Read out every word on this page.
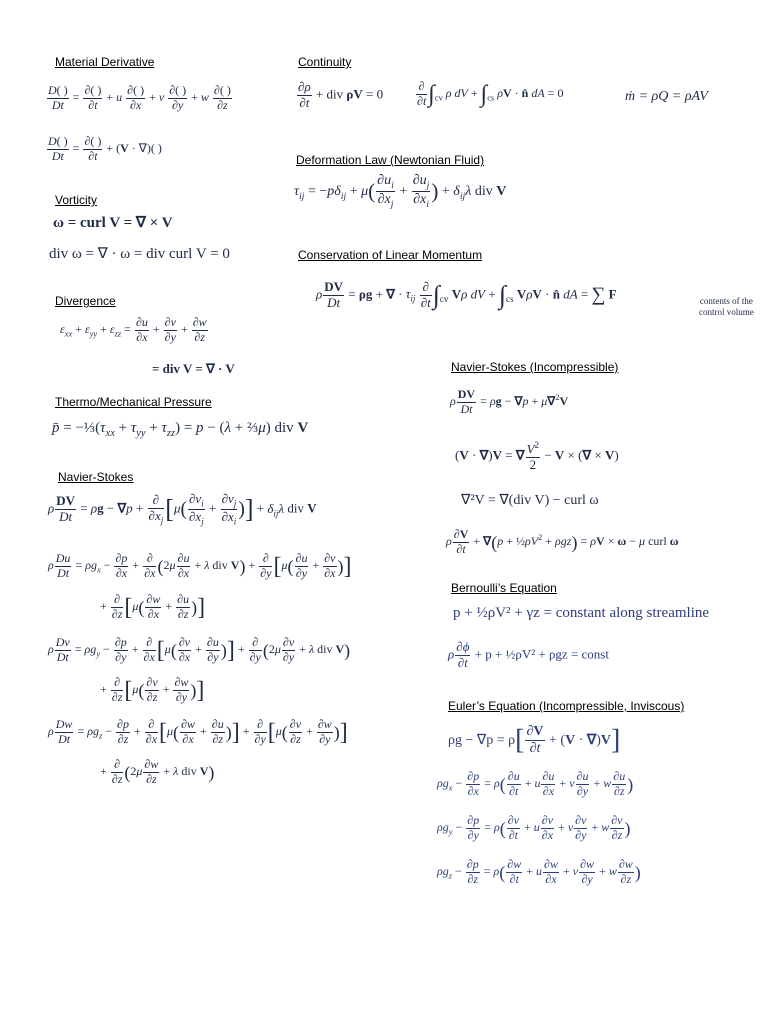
Material Derivative
$\frac{D( )}{Dt}$ =
∂( )
∂t
+ u
∂( )
∂x
+ v
∂( )
∂y
+ w
∂( )
∂z
$\frac{D( )}{Dt}$ =
∂( )
∂t
+ (V · ∇)( )
Vorticity
ω = curl V = ∇ × V
div ω = ∇ · ω = div curl V = 0
Divergence
$\varepsilon_{xx} + \varepsilon_{yy} + \varepsilon_{zz} = \frac{\partial u}{\partial x} + \frac{\partial v}{\partial y} + \frac{\partial w}{\partial z}$
= div V = ∇ · V
Thermo/Mechanical Pressure
p̄ = $-\frac{1}{3}(\tau_{xx} + \tau_{yy} + \tau_{zz}) = p - (\lambda$ + ⅔μ) div V
Navier-Stokes
ρ $\frac{DV}{Dt} = \rho g - \nabla p$ +
∂
$\partial x_j$ [$\mu( \frac{\partial v_i}{\partial x_j} + \frac{\partial v_j}{\partial x_i}$ )] + $\delta_{ij}\lambda$ div V
ρ $\frac{Du}{Dt} = \rho g_x - \frac{\partial p}{\partial x}$ +
∂
∂x ($2\mu \frac{\partial u}{\partial x} + \lambda$ div V) +
∂
∂y [$\mu( \frac{\partial u}{\partial y} + \frac{\partial v}{\partial x}$ )]
+
∂
∂z [$\mu( \frac{\partial w}{\partial x} + \frac{\partial u}{\partial z}$ )]
ρ $\frac{Dv}{Dt} = \rho g_y - \frac{\partial p}{\partial y}$ +
∂
∂x [$\mu( \frac{\partial v}{\partial x} + \frac{\partial u}{\partial y}$ )] +
∂
∂y ($2\mu \frac{\partial v}{\partial y} + \lambda$ div V)
+
∂
∂z [$\mu( \frac{\partial v}{\partial z} + \frac{\partial w}{\partial y}$ )]
ρ $\frac{Dw}{Dt} = \rho g_z - \frac{\partial p}{\partial z}$ +
∂
∂x [$\mu( \frac{\partial w}{\partial x} + \frac{\partial u}{\partial z}$ )] +
∂
∂y [$\mu( \frac{\partial v}{\partial z} + \frac{\partial w}{\partial y}$ )]
+
∂
∂z ($2\mu \frac{\partial w}{\partial z} + \lambda$ div V)
Continuity
$\frac{\partial\rho}{\partial t}$ + div ρV = 0
∂
∂t $\int_{cv}$ ρ dV + $\int_{cs}$ ρV · n̂ dA = 0	ṁ = ρQ = ρAV
Deformation Law (Newtonian Fluid)
$\tau_{ij} = -p\delta_{ij} + \mu( \frac{\partial u_i}{\partial x_j} + \frac{\partial u_j}{\partial x_i}$ ) + $\delta_{ij}\lambda$ div V
Conservation of Linear Momentum
ρ $\frac{DV}{Dt} = \rho g$ + ∇ · $\tau_{ij}$
∂
∂t $\int_{cv}$ Vρ dV + $\int_{cs}$ VρV · n̂ dA = ∑ F	contents of the
control volume
Navier-Stokes (Incompressible)
ρ $\frac{DV}{Dt} = \rho g - \nabla p + \mu\nabla^2V$
(V · ∇)V = ∇ $\frac{V^2}{2} - V$ × (∇ × V)
∇²V = ∇(div V) − curl ω
ρ $\frac{\partial V}{\partial t} + \nabla(p$ + $\frac{1}{2}\rho V^2 + \rho gz) = \rho V \times \omega - \mu$ curl ω
Bernoulli’s Equation
p + ½ρV² + γz = constant along streamline
ρ $\frac{\partial\phi}{\partial t} + p$ + ½ρV² + ρgz = const
Euler’s Equation (Incompressible, Inviscous)
$\rho g - \nabla p = \rho[ \frac{\partial V}{\partial t} + (V \cdot \nabla)V]$
$\rho g_x - \frac{\partial p}{\partial x} = \rho( \frac{\partial u}{\partial t} + u \frac{\partial u}{\partial x} + v \frac{\partial u}{\partial y} + w \frac{\partial u}{\partial z}$ )
$\rho g_y - \frac{\partial p}{\partial y} = \rho( \frac{\partial v}{\partial t} + u \frac{\partial v}{\partial x} + v \frac{\partial v}{\partial y} + w \frac{\partial v}{\partial z}$ )
$\rho g_z - \frac{\partial p}{\partial z} = \rho( \frac{\partial w}{\partial t} + u \frac{\partial w}{\partial x} + v \frac{\partial w}{\partial y} + w \frac{\partial w}{\partial z}$ )
